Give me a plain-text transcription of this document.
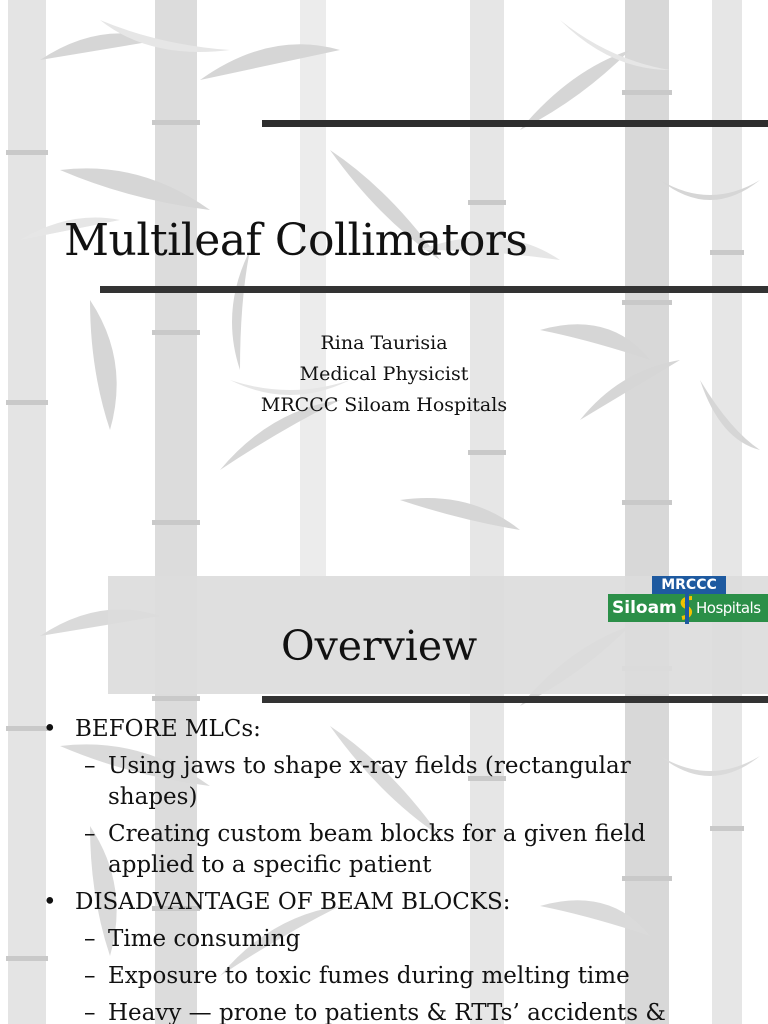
Multileaf Collimators
Rina Taurisia
Medical Physicist
MRCCC Siloam Hospitals
MRCCC
Siloam Hospitals
Overview
• BEFORE MLCs:
– Using jaws to shape x-ray fields (rectangular shapes)
– Creating custom beam blocks for a given field applied to a specific patient
• DISADVANTAGE OF BEAM BLOCKS:
– Time consuming
– Exposure to toxic fumes during melting time
– Heavy — prone to patients & RTTs’ accidents &
